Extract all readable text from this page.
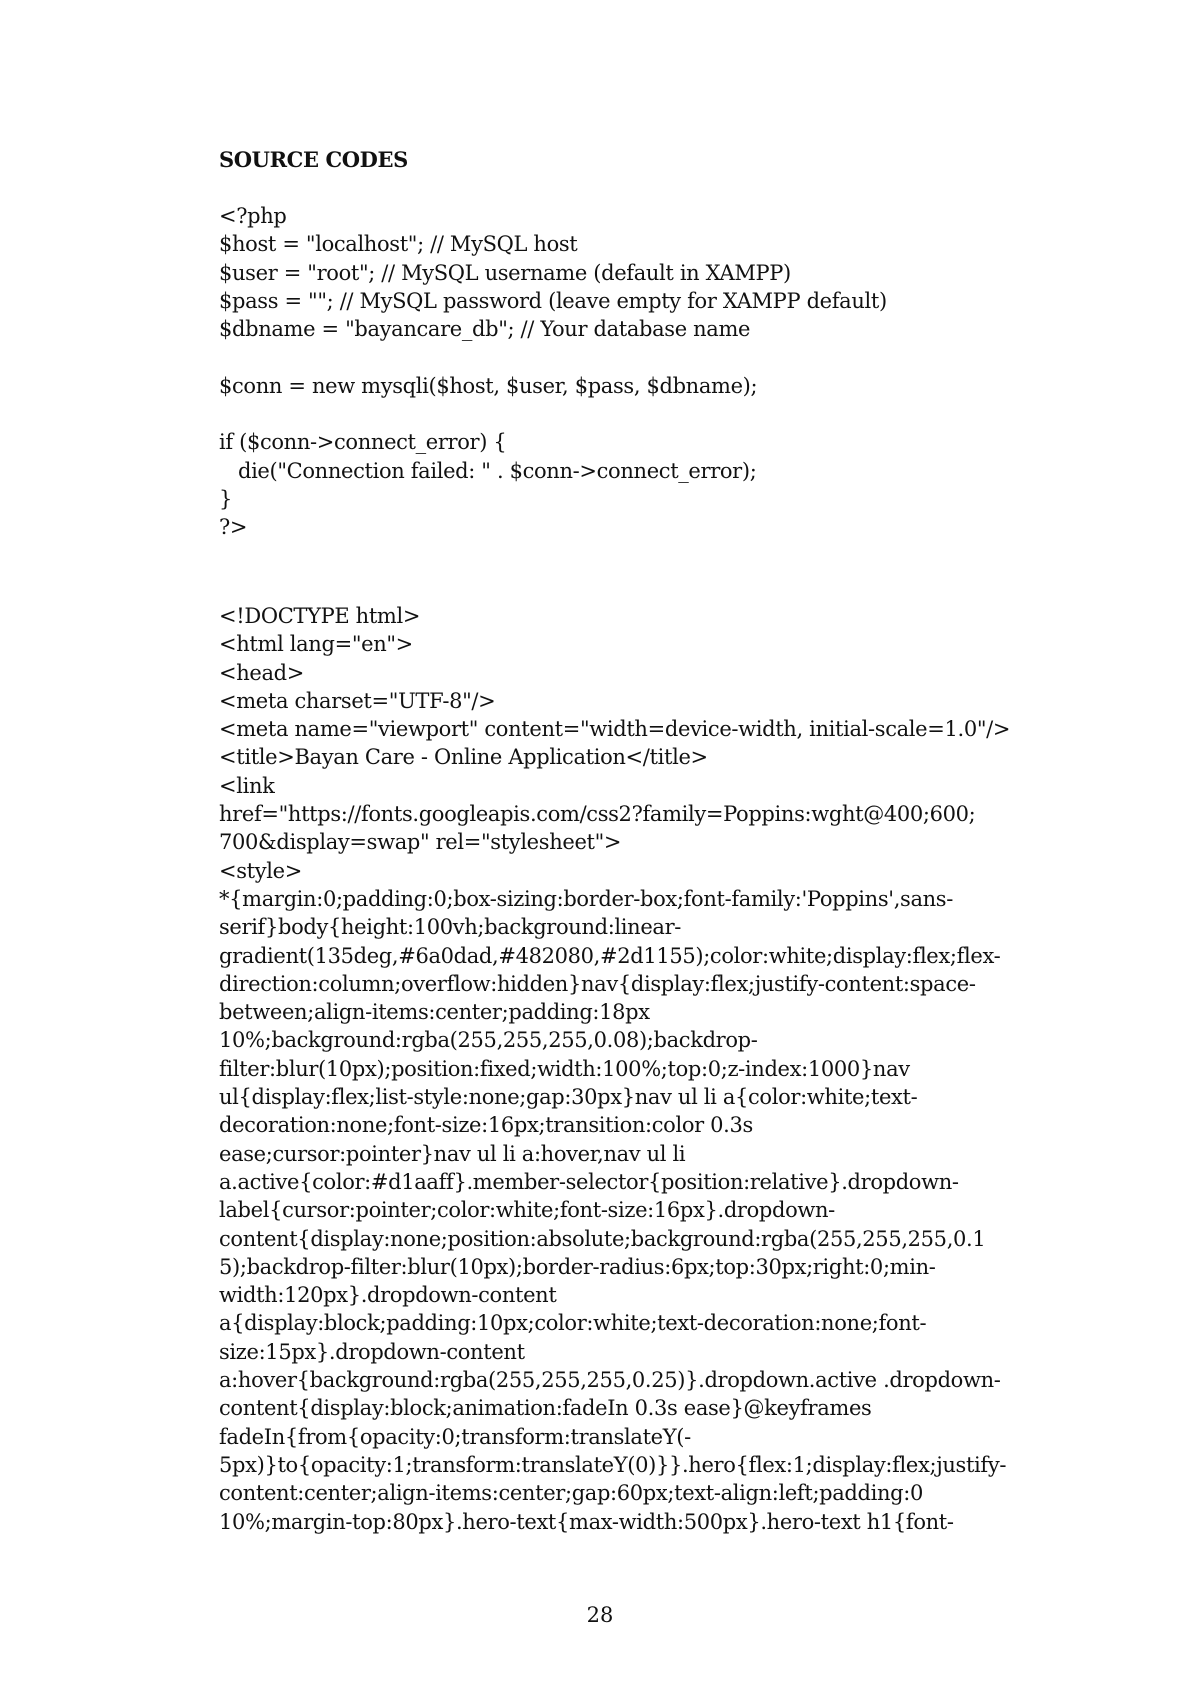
SOURCE CODES
<?php
$host = "localhost"; // MySQL host
$user = "root"; // MySQL username (default in XAMPP)
$pass = ""; // MySQL password (leave empty for XAMPP default)
$dbname = "bayancare_db"; // Your database name

$conn = new mysqli($host, $user, $pass, $dbname);

if ($conn->connect_error) {
die("Connection failed: " . $conn->connect_error);
}
?>
<!DOCTYPE html>
<html lang="en">
<head>
<meta charset="UTF-8"/>
<meta name="viewport" content="width=device-width, initial-scale=1.0"/>
<title>Bayan Care - Online Application</title>
<link
href="https://fonts.googleapis.com/css2?family=Poppins:wght@400;600;
700&display=swap" rel="stylesheet">
<style>
*{margin:0;padding:0;box-sizing:border-box;font-family:'Poppins',sans-
serif}body{height:100vh;background:linear-
gradient(135deg,#6a0dad,#482080,#2d1155);color:white;display:flex;flex-
direction:column;overflow:hidden}nav{display:flex;justify-content:space-
between;align-items:center;padding:18px
10%;background:rgba(255,255,255,0.08);backdrop-
filter:blur(10px);position:fixed;width:100%;top:0;z-index:1000}nav
ul{display:flex;list-style:none;gap:30px}nav ul li a{color:white;text-
decoration:none;font-size:16px;transition:color 0.3s
ease;cursor:pointer}nav ul li a:hover,nav ul li
a.active{color:#d1aaff}.member-selector{position:relative}.dropdown-
label{cursor:pointer;color:white;font-size:16px}.dropdown-
content{display:none;position:absolute;background:rgba(255,255,255,0.1
5);backdrop-filter:blur(10px);border-radius:6px;top:30px;right:0;min-
width:120px}.dropdown-content
a{display:block;padding:10px;color:white;text-decoration:none;font-
size:15px}.dropdown-content
a:hover{background:rgba(255,255,255,0.25)}.dropdown.active .dropdown-
content{display:block;animation:fadeIn 0.3s ease}@keyframes
fadeIn{from{opacity:0;transform:translateY(-
5px)}to{opacity:1;transform:translateY(0)}}.hero{flex:1;display:flex;justify-
content:center;align-items:center;gap:60px;text-align:left;padding:0
10%;margin-top:80px}.hero-text{max-width:500px}.hero-text h1{font-
28
